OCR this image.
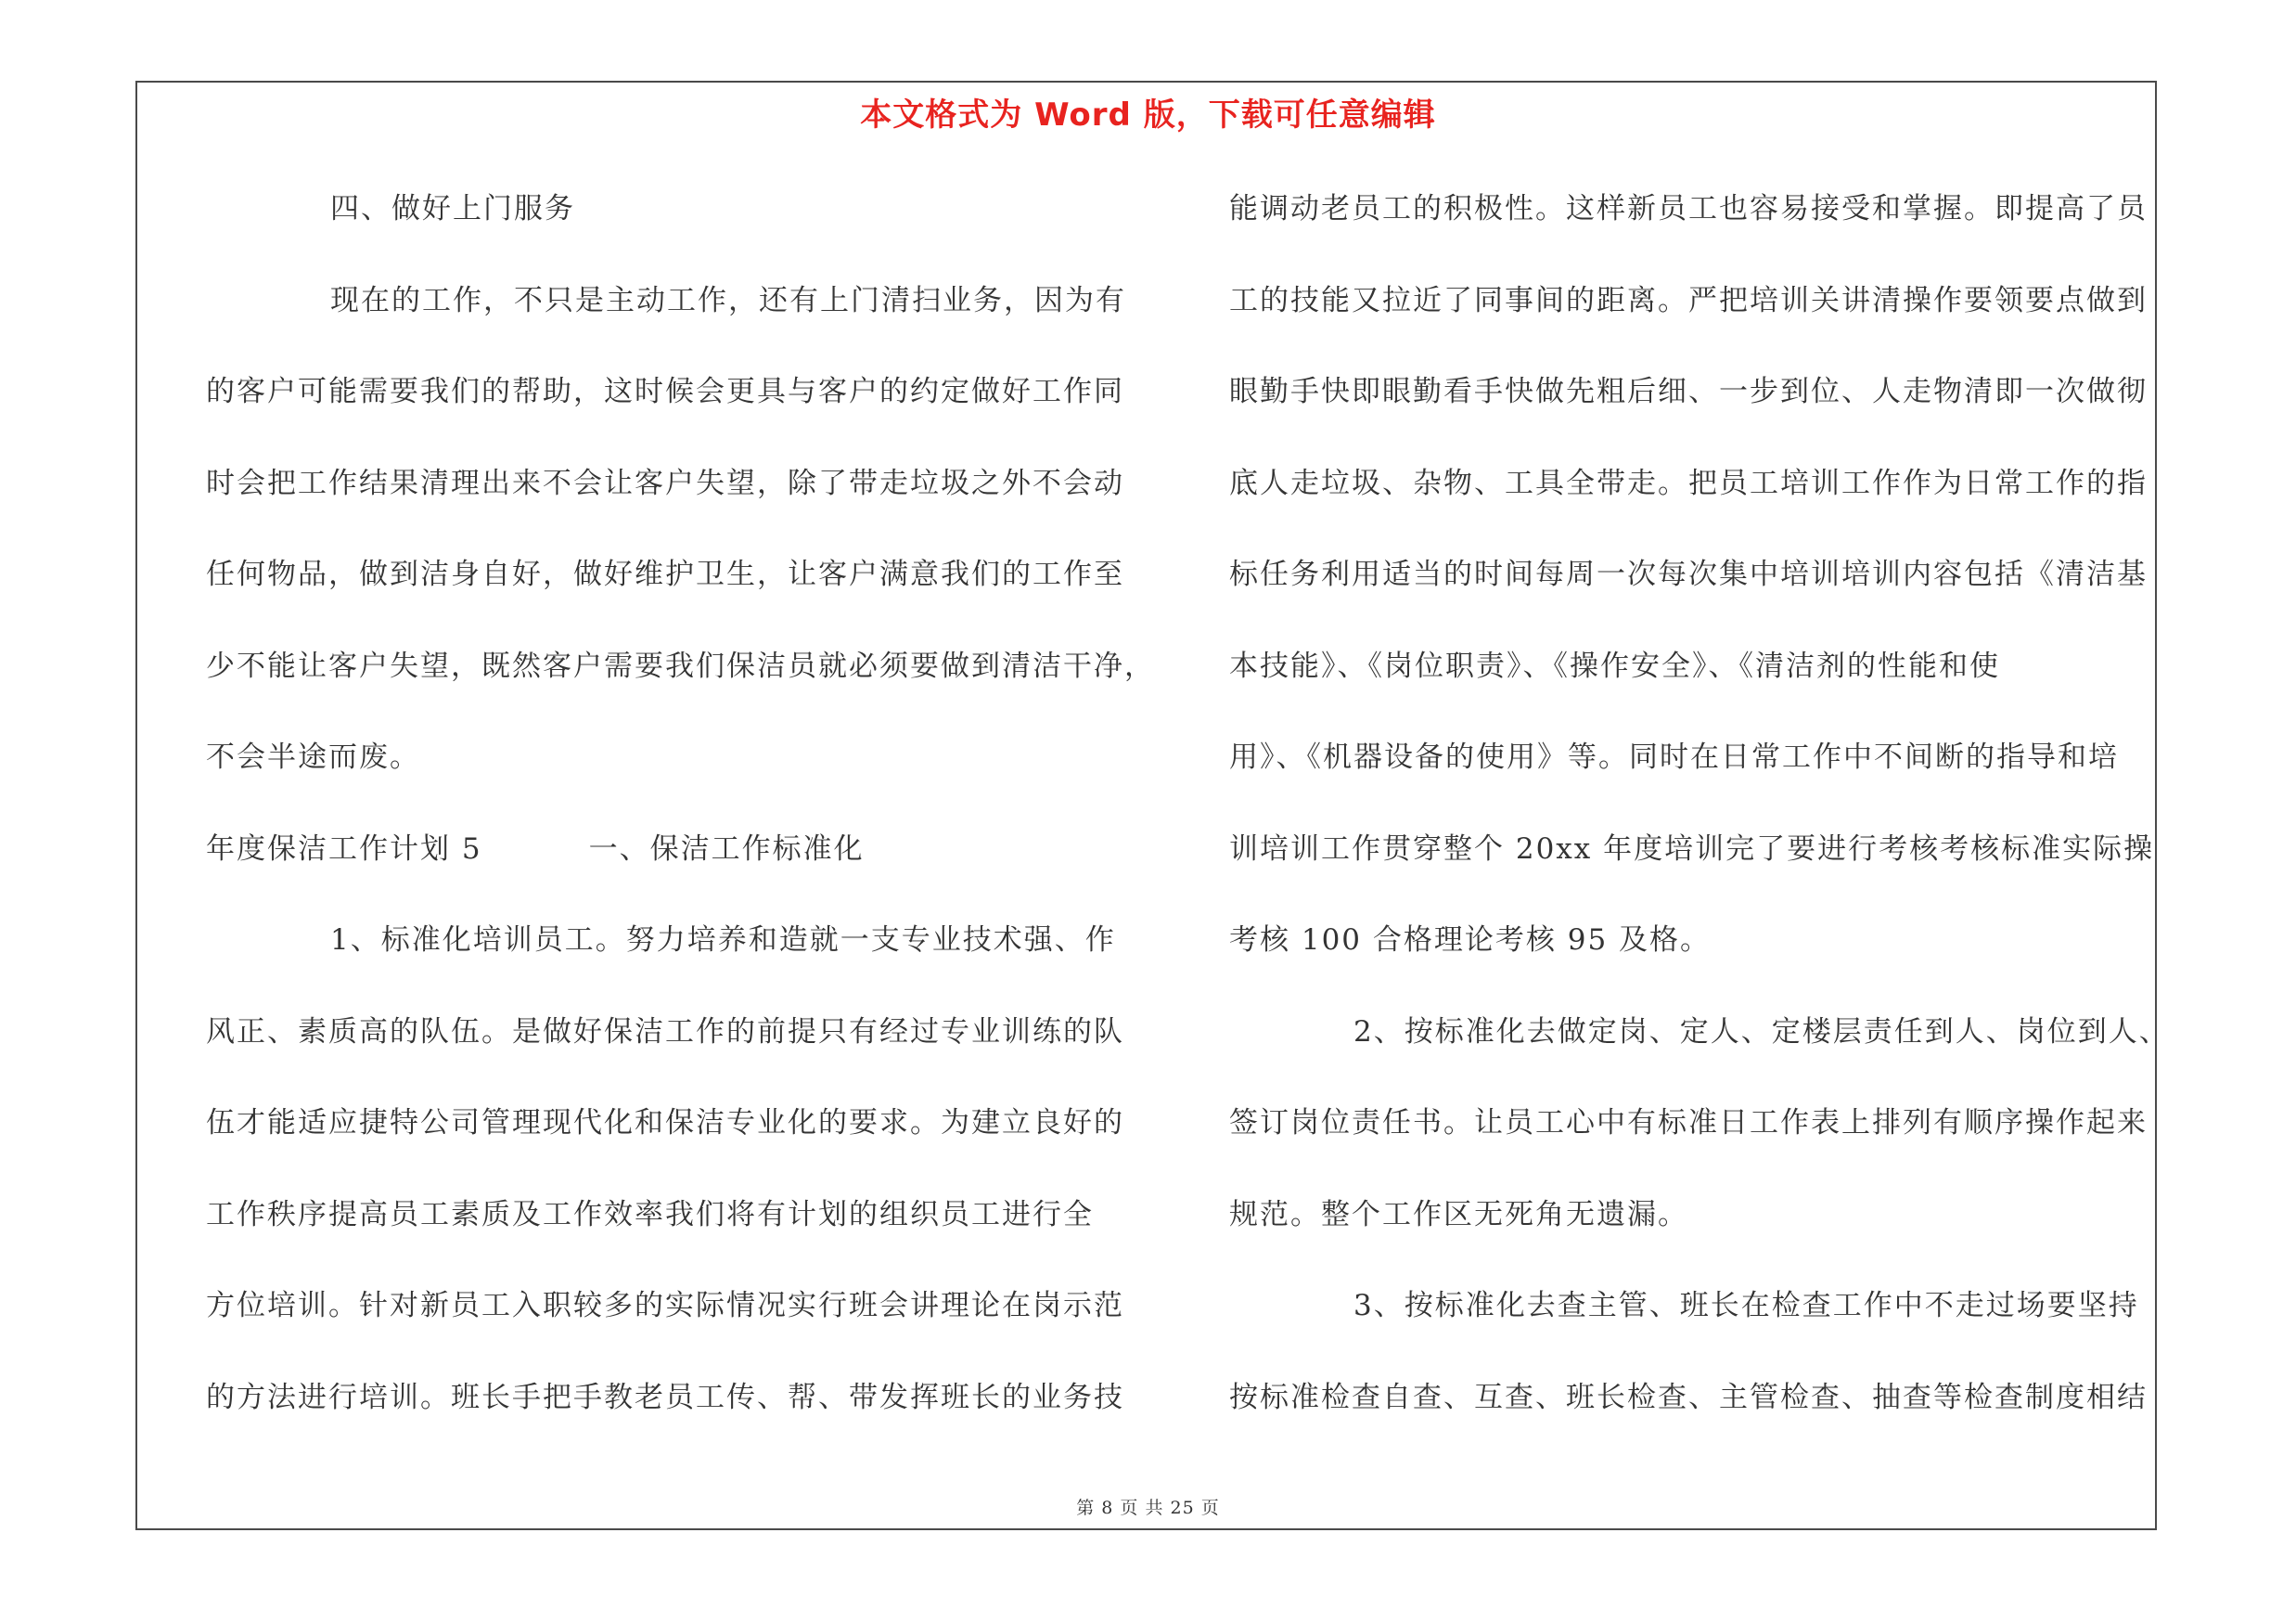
本文格式为 Word 版，下载可任意编辑
四、做好上门服务
现在的工作，不只是主动工作，还有上门清扫业务，因为有
的客户可能需要我们的帮助，这时候会更具与客户的约定做好工作同
时会把工作结果清理出来不会让客户失望，除了带走垃圾之外不会动
任何物品，做到洁身自好，做好维护卫生，让客户满意我们的工作至
少不能让客户失望，既然客户需要我们保洁员就必须要做到清洁干净，
不会半途而废。
年度保洁工作计划 5	一、保洁工作标准化
1、标准化培训员工。努力培养和造就一支专业技术强、作
风正、素质高的队伍。是做好保洁工作的前提只有经过专业训练的队
伍才能适应捷特公司管理现代化和保洁专业化的要求。为建立良好的
工作秩序提高员工素质及工作效率我们将有计划的组织员工进行全
方位培训。针对新员工入职较多的实际情况实行班会讲理论在岗示范
的方法进行培训。班长手把手教老员工传、帮、带发挥班长的业务技
能调动老员工的积极性。这样新员工也容易接受和掌握。即提高了员
工的技能又拉近了同事间的距离。严把培训关讲清操作要领要点做到
眼勤手快即眼勤看手快做先粗后细、一步到位、人走物清即一次做彻
底人走垃圾、杂物、工具全带走。把员工培训工作作为日常工作的指
标任务利用适当的时间每周一次每次集中培训培训内容包括《清洁基
本技能》、《岗位职责》、《操作安全》、《清洁剂的性能和使
用》、《机器设备的使用》等。同时在日常工作中不间断的指导和培
训培训工作贯穿整个 20xx 年度培训完了要进行考核考核标准实际操
考核 100 合格理论考核 95 及格。
2、按标准化去做定岗、定人、定楼层责任到人、岗位到人、
签订岗位责任书。让员工心中有标准日工作表上排列有顺序操作起来
规范。整个工作区无死角无遗漏。
3、按标准化去查主管、班长在检查工作中不走过场要坚持
按标准检查自查、互查、班长检查、主管检查、抽查等检查制度相结
第 8 页 共 25 页
